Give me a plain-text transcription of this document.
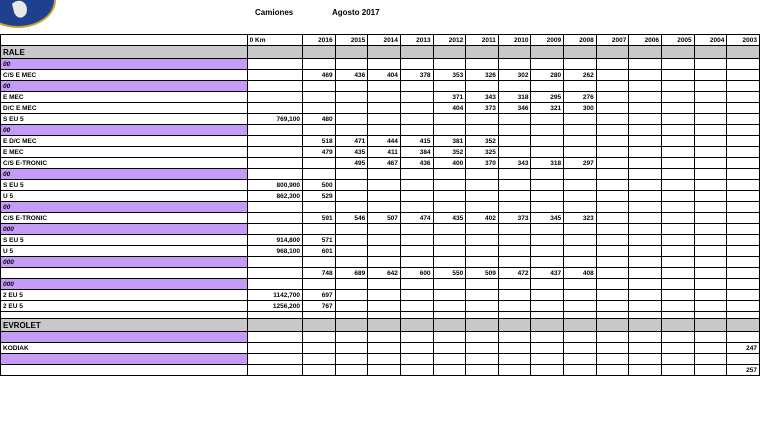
Camiones	Agosto 2017
	0 Km	2016	2015	2014	2013	2012	2011	2010	2009	2008	2007	2006	2005	2004	2003
RALE															
00															
C/S E MEC		469	436	404	378	353	326	302	280	262					
00															
E MEC						371	343	318	295	276					
D/C E MEC						404	373	346	321	300					
S EU 5	769,100	480													
00															
E D/C MEC		518	471	444	415	381	352								
E MEC		479	435	411	384	352	325								
C/S E-TRONIC			495	467	436	400	370	343	318	297					
00															
S EU 5	800,900	500													
U 5	862,300	529													
00															
C/S E-TRONIC		591	546	507	474	435	402	373	345	323					
000															
S EU 5	914,800	571													
U 5	968,100	601													
000															
		748	689	642	600	550	509	472	437	408					
000															
2 EU 5	1142,700	697													
2 EU 5	1256,200	767													

EVROLET															

KODIAK															247

															257
